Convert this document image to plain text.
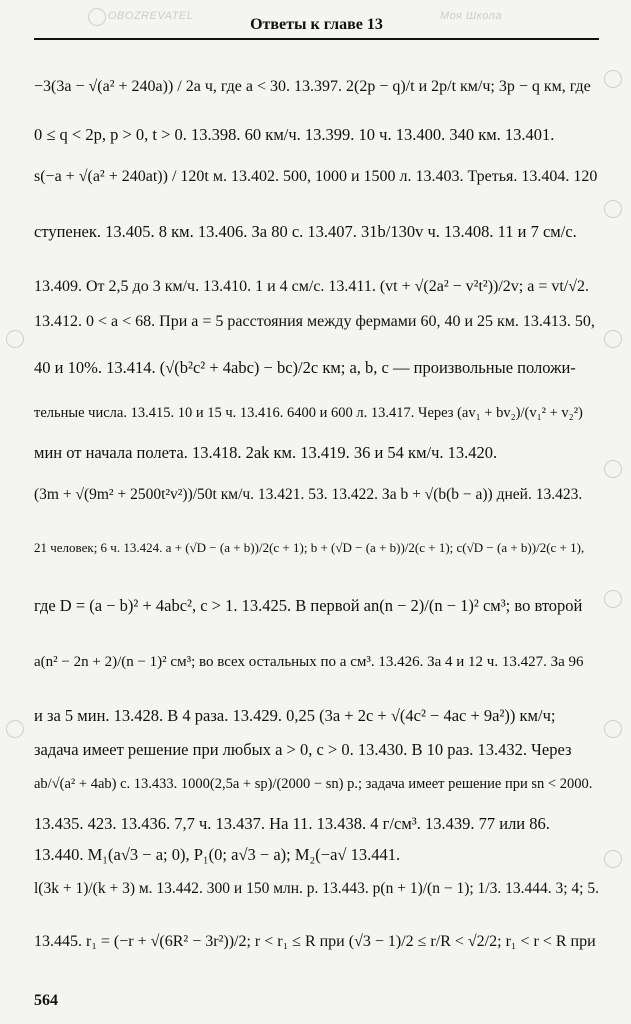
Ответы к главе 13
OBOZREVATEL	Моя Школа
−3(3a − √(a² + 240a)) / 2a ч, где a < 30. 13.397. 2(2p − q)/t и 2p/t км/ч; 3p − q км, где
0 ≤ q < 2p, p > 0, t > 0. 13.398. 60 км/ч. 13.399. 10 ч. 13.400. 340 км. 13.401.
s(−a + √(a² + 240at)) / 120t м. 13.402. 500, 1000 и 1500 л. 13.403. Третья. 13.404. 120
ступенек. 13.405. 8 км. 13.406. За 80 с. 13.407. 31b/130v ч. 13.408. 11 и 7 см/с.
13.409. От 2,5 до 3 км/ч. 13.410. 1 и 4 см/с. 13.411. (vt + √(2a² − v²t²))/2v; a = vt/√2.
13.412. 0 < a < 68. При a = 5 расстояния между фермами 60, 40 и 25 км. 13.413. 50,
40 и 10%. 13.414. (√(b²c² + 4abc) − bc)/2c км; a, b, c — произвольные положи-
тельные числа. 13.415. 10 и 15 ч. 13.416. 6400 и 600 л. 13.417. Через (av₁ + bv₂)/(v₁² + v₂²)
мин от начала полета. 13.418. 2ak км. 13.419. 36 и 54 км/ч. 13.420.
(3m + √(9m² + 2500t²v²))/50t км/ч. 13.421. 53. 13.422. За b + √(b(b − a)) дней. 13.423.
21 человек; 6 ч. 13.424. a + (√D − (a + b))/2(c + 1); b + (√D − (a + b))/2(c + 1); c(√D − (a + b))/2(c + 1),
где D = (a − b)² + 4abc², c > 1. 13.425. В первой an(n − 2)/(n − 1)² см³; во второй
a(n² − 2n + 2)/(n − 1)² см³; во всех остальных по a см³. 13.426. За 4 и 12 ч. 13.427. За 96
и за 5 мин. 13.428. В 4 раза. 13.429. 0,25 (3a + 2c + √(4c² − 4ac + 9a²)) км/ч;
задача имеет решение при любых a > 0, c > 0. 13.430. В 10 раз. 13.432. Через
ab/√(a² + 4ab) с. 13.433. 1000(2,5a + sp)/(2000 − sn) р.; задача имеет решение при sn < 2000.
13.435. 423. 13.436. 7,7 ч. 13.437. На 11. 13.438. 4 г/см³. 13.439. 77 или 86.
13.440. M₁(a√3 − a; 0), P₁(0; a√3 − a); M₂(−a√ 13.441.
l(3k + 1)/(k + 3) м. 13.442. 300 и 150 млн. р. 13.443. p(n + 1)/(n − 1); 1/3. 13.444. 3; 4; 5.
13.445. r₁ = (−r + √(6R² − 3r²))/2; r < r₁ ≤ R при (√3 − 1)/2 ≤ r/R < √2/2; r₁ < r < R при
564
